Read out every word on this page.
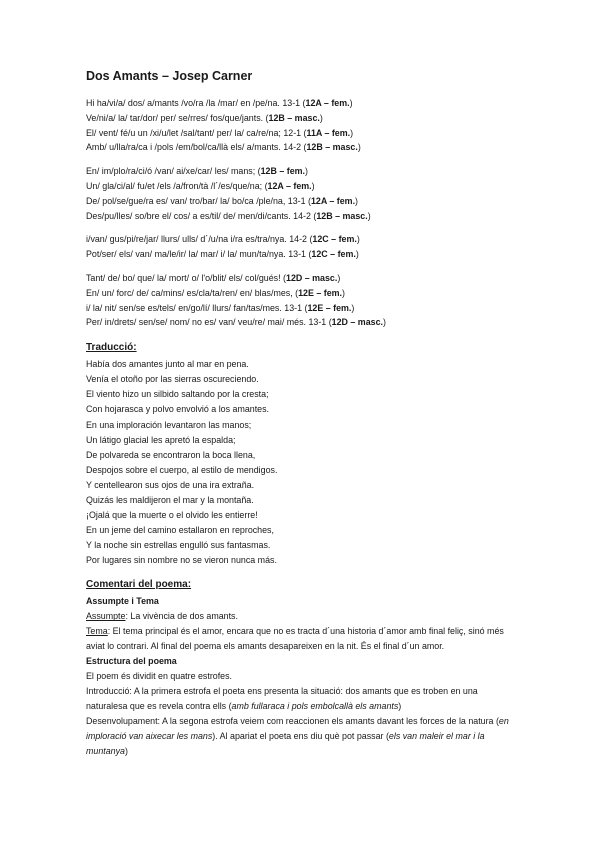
Dos Amants – Josep Carner

Hi ha/vi/a/ dos/ a/mants /vo/ra /la /mar/ en /pe/na. 13-1 (12A – fem.)

Ve/ni/a/ la/ tar/dor/ per/ se/rres/ fos/que/jants. (12B – masc.)

El/ vent/ fé/u un /xi/u/let /sal/tant/ per/ la/ ca/re/na; 12-1 (11A – fem.)

Amb/ u/lla/ra/ca i /pols /em/bol/ca/llà els/ a/mants. 14-2 (12B – masc.)

En/ im/plo/ra/ci/ó /van/ ai/xe/car/ les/ mans; (12B – fem.)

Un/ gla/ci/al/ fu/et /els /a/fron/tà /l´/es/que/na; (12A – fem.)

De/ pol/se/gue/ra es/ van/ tro/bar/ la/ bo/ca /ple/na, 13-1 (12A – fem.)

Des/pu/lles/ so/bre el/ cos/ a es/til/ de/ men/di/cants. 14-2 (12B – masc.)

i/van/ gus/pi/re/jar/ llurs/ ulls/ d´/u/na i/ra es/tra/nya. 14-2 (12C – fem.)

Pot/ser/ els/ van/ ma/le/ir/ la/ mar/ i/ la/ mun/ta/nya. 13-1 (12C – fem.)

Tant/ de/ bo/ que/ la/ mort/ o/ l'o/blit/ els/ col/gués! (12D – masc.)

En/ un/ forc/ de/ ca/mins/ es/cla/ta/ren/ en/ blas/mes, (12E – fem.)

i/ la/ nit/ sen/se es/tels/ en/go/lí/ llurs/ fan/tas/mes. 13-1 (12E – fem.)

Per/ in/drets/ sen/se/ nom/ no es/ van/ veu/re/ mai/ més. 13-1 (12D – masc.)

Traducció:

Había dos amantes junto al mar en pena.

Venía el otoño por las sierras oscureciendo.

El viento hizo un silbido saltando por la cresta;

Con hojarasca y polvo envolvió a los amantes.

En una imploración levantaron las manos;

Un látigo glacial les apretó la espalda;

De polvareda se encontraron la boca llena,

Despojos sobre el cuerpo, al estilo de mendigos.

Y centellearon sus ojos de una ira extraña.

Quizás les maldijeron el mar y la montaña.

¡Ojalá que la muerte o el olvido les entierre!

En un jeme del camino estallaron en reproches,

Y la noche sin estrellas engulló sus fantasmas.

Por lugares sin nombre no se vieron nunca más.

Comentari del poema:
Assumpte i Tema

Assumpte: La vivència de dos amants.

Tema: El tema principal és el amor, encara que no es tracta d´una historia d´amor amb final feliç, sinó més aviat lo contrari. Al final del poema els amants desapareixen en la nit. És el final d´un amor.

Estructura del poema

El poem és dividit en quatre estrofes.

Introducció: A la primera estrofa el poeta ens presenta la situació: dos amants que es troben en una naturalesa que es revela contra ells (amb fullaraca i pols embolcallà els amants)

Desenvolupament: A la segona estrofa veiem com reaccionen els amants davant les forces de la natura (en imploració van aixecar les mans). Al apariat el poeta ens diu què pot passar (els van maleir el mar i la muntanya)
